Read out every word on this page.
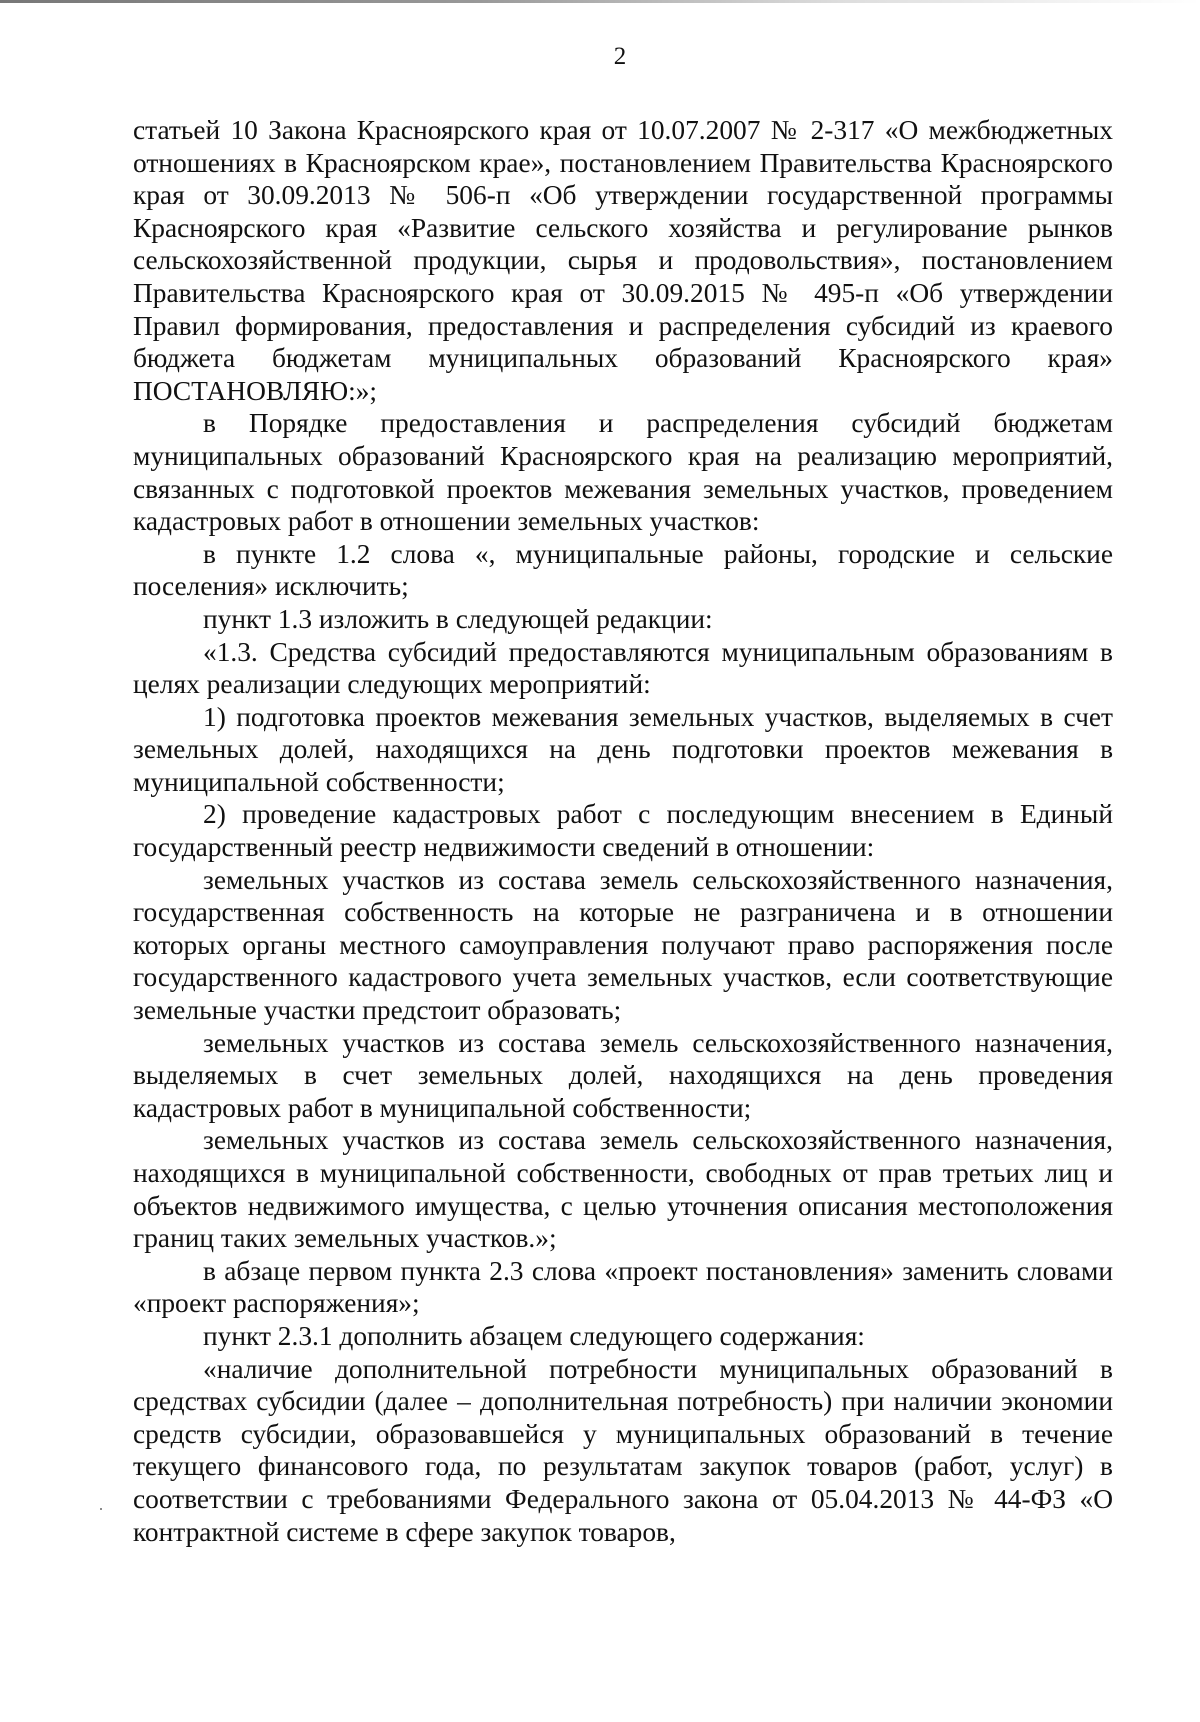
2

статьей 10 Закона Красноярского края от 10.07.2007 № 2-317 «О межбюджетных отношениях в Красноярском крае», постановлением Правительства Красноярского края от 30.09.2013 № 506-п «Об утверждении государственной программы Красноярского края «Развитие сельского хозяйства и регулирование рынков сельскохозяйственной продукции, сырья и продовольствия», постановлением Правительства Красноярского края от 30.09.2015 № 495-п «Об утверждении Правил формирования, предоставления и распределения субсидий из краевого бюджета бюджетам муниципальных образований Красноярского края» ПОСТАНОВЛЯЮ:»;

в Порядке предоставления и распределения субсидий бюджетам муниципальных образований Красноярского края на реализацию мероприятий, связанных с подготовкой проектов межевания земельных участков, проведением кадастровых работ в отношении земельных участков:

в пункте 1.2 слова «, муниципальные районы, городские и сельские поселения» исключить;

пункт 1.3 изложить в следующей редакции:

«1.3. Средства субсидий предоставляются муниципальным образованиям в целях реализации следующих мероприятий:

1) подготовка проектов межевания земельных участков, выделяемых в счет земельных долей, находящихся на день подготовки проектов межевания в муниципальной собственности;

2) проведение кадастровых работ с последующим внесением в Единый государственный реестр недвижимости сведений в отношении:

земельных участков из состава земель сельскохозяйственного назначения, государственная собственность на которые не разграничена и в отношении которых органы местного самоуправления получают право распоряжения после государственного кадастрового учета земельных участков, если соответствующие земельные участки предстоит образовать;

земельных участков из состава земель сельскохозяйственного назначения, выделяемых в счет земельных долей, находящихся на день проведения кадастровых работ в муниципальной собственности;

земельных участков из состава земель сельскохозяйственного назначения, находящихся в муниципальной собственности, свободных от прав третьих лиц и объектов недвижимого имущества, с целью уточнения описания местоположения границ таких земельных участков.»;

в абзаце первом пункта 2.3 слова «проект постановления» заменить словами «проект распоряжения»;

пункт 2.3.1 дополнить абзацем следующего содержания:

«наличие дополнительной потребности муниципальных образований в средствах субсидии (далее – дополнительная потребность) при наличии экономии средств субсидии, образовавшейся у муниципальных образований в течение текущего финансового года, по результатам закупок товаров (работ, услуг) в соответствии с требованиями Федерального закона от 05.04.2013 № 44-ФЗ «О контрактной системе в сфере закупок товаров,
